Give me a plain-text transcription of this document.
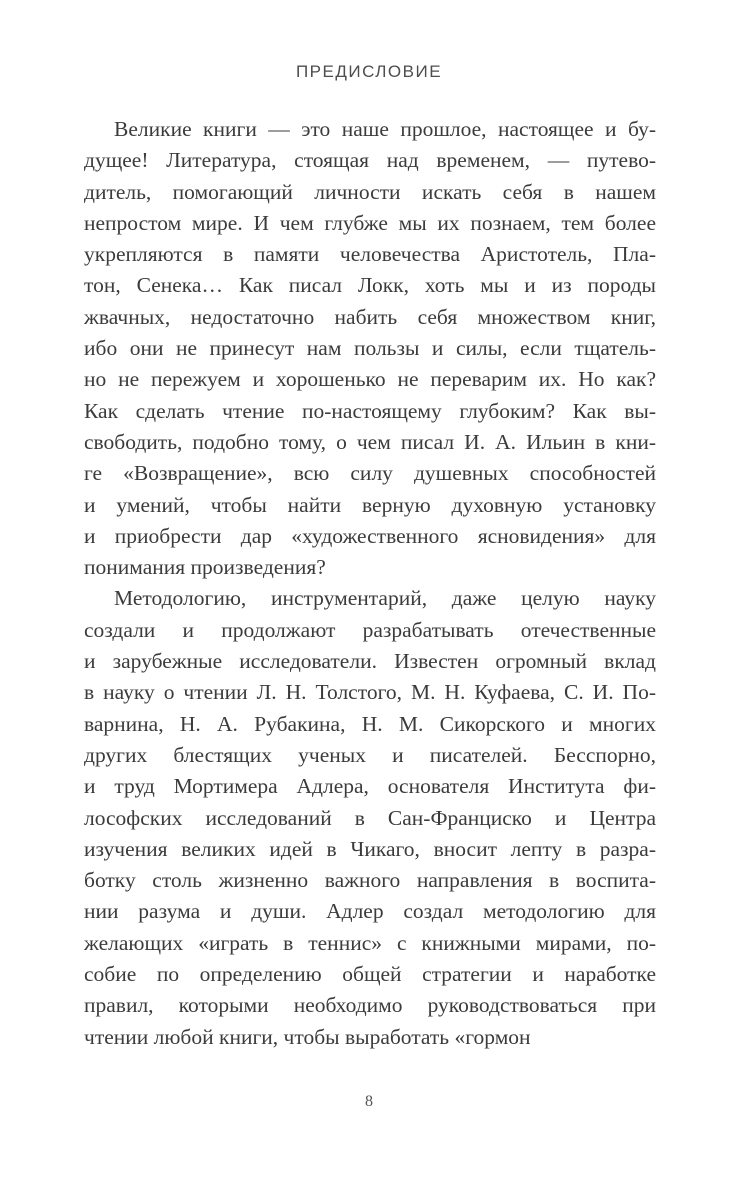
ПРЕДИСЛОВИЕ
Великие книги — это наше прошлое, настоящее и бу-
дущее! Литература, стоящая над временем, — путево-
дитель, помогающий личности искать себя в нашем
непростом мире. И чем глубже мы их познаем, тем более
укрепляются в памяти человечества Аристотель, Пла-
тон, Сенека… Как писал Локк, хоть мы и из породы
жвачных, недостаточно набить себя множеством книг,
ибо они не принесут нам пользы и силы, если тщатель-
но не пережуем и хорошенько не переварим их. Но как?
Как сделать чтение по-настоящему глубоким? Как вы-
свободить, подобно тому, о чем писал И. А. Ильин в кни-
ге «Возвращение», всю силу душевных способностей
и умений, чтобы найти верную духовную установку
и приобрести дар «художественного ясновидения» для
понимания произведения?
Методологию, инструментарий, даже целую науку
создали и продолжают разрабатывать отечественные
и зарубежные исследователи. Известен огромный вклад
в науку о чтении Л. Н. Толстого, М. Н. Куфаева, С. И. По-
варнина, Н. А. Рубакина, Н. М. Сикорского и многих
других блестящих ученых и писателей. Бесспорно,
и труд Мортимера Адлера, основателя Института фи-
лософских исследований в Сан-Франциско и Центра
изучения великих идей в Чикаго, вносит лепту в разра-
ботку столь жизненно важного направления в воспита-
нии разума и души. Адлер создал методологию для
желающих «играть в теннис» с книжными мирами, по-
собие по определению общей стратегии и наработке
правил, которыми необходимо руководствоваться при
чтении любой книги, чтобы выработать «гормон
8
